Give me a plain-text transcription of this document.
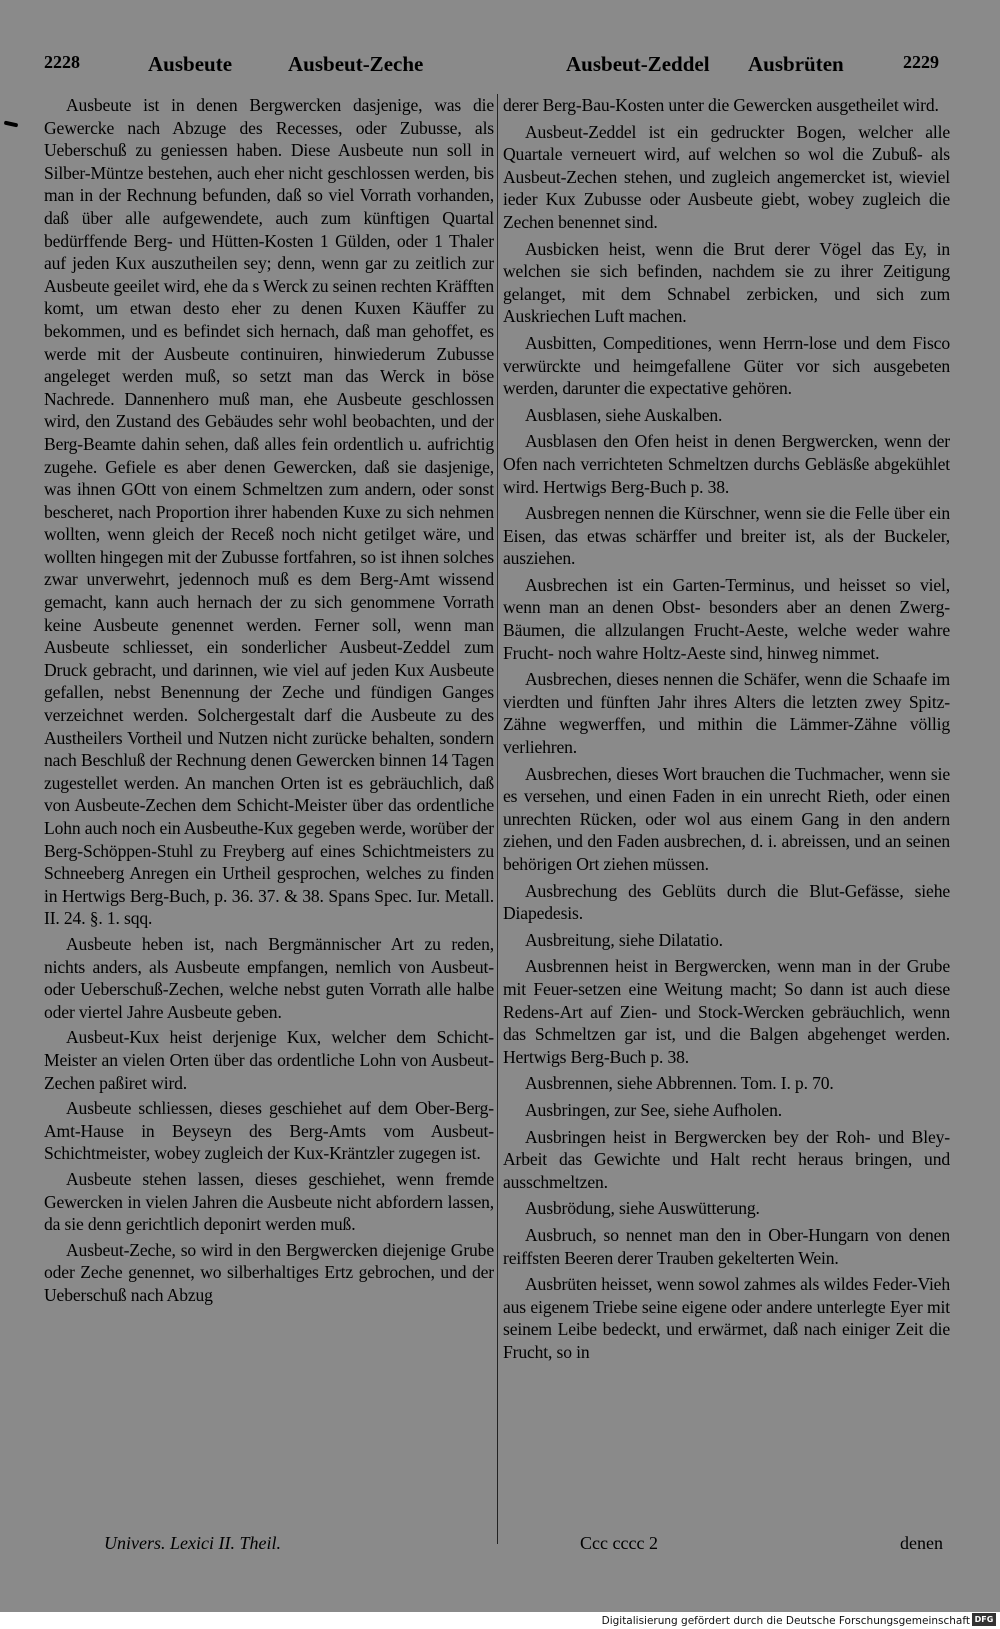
2228	Ausbeute	Ausbeut-Zeche	Ausbeut-Zeddel Ausbrüten	2229

Ausbeute ist in denen Bergwercken dasjenige, was die Gewercke nach Abzuge des Recesses, oder Zubusse, als Ueberschuß zu geniessen haben. Diese Ausbeute nun soll in Silber-Müntze bestehen, auch eher nicht geschlossen werden, bis man in der Rechnung befunden, daß so viel Vorrath vorhanden, daß über alle aufgewendete, auch zum künftigen Quartal bedürffende Berg- und Hütten-Kosten 1 Gülden, oder 1 Thaler auf jeden Kux auszutheilen sey; denn, wenn gar zu zeitlich zur Ausbeute geeilet wird, ehe da s Werck zu seinen rechten Kräfften komt, um etwan desto eher zu denen Kuxen Käuffer zu bekommen, und es befindet sich hernach, daß man gehoffet, es werde mit der Ausbeute continuiren, hinwiederum Zubusse angeleget werden muß, so setzt man das Werck in böse Nachrede. Dannenhero muß man, ehe Ausbeute geschlossen wird, den Zustand des Gebäudes sehr wohl beobachten, und der Berg-Beamte dahin sehen, daß alles fein ordentlich u. aufrichtig zugehe. Gefiele es aber denen Gewercken, daß sie dasjenige, was ihnen GOtt von einem Schmeltzen zum andern, oder sonst bescheret, nach Proportion ihrer habenden Kuxe zu sich nehmen wollten, wenn gleich der Receß noch nicht getilget wäre, und wollten hingegen mit der Zubusse fortfahren, so ist ihnen solches zwar unverwehrt, jedennoch muß es dem Berg-Amt wissend gemacht, kann auch hernach der zu sich genommene Vorrath keine Ausbeute genennet werden. Ferner soll, wenn man Ausbeute schliesset, ein sonderlicher Ausbeut-Zeddel zum Druck gebracht, und darinnen, wie viel auf jeden Kux Ausbeute gefallen, nebst Benennung der Zeche und fündigen Ganges verzeichnet werden. Solchergestalt darf die Ausbeute zu des Austheilers Vortheil und Nutzen nicht zurücke behalten, sondern nach Beschluß der Rechnung denen Gewercken binnen 14 Tagen zugestellet werden. An manchen Orten ist es gebräuchlich, daß von Ausbeute-Zechen dem Schicht-Meister über das ordentliche Lohn auch noch ein Ausbeuthe-Kux gegeben werde, worüber der Berg-Schöppen-Stuhl zu Freyberg auf eines Schichtmeisters zu Schneeberg Anregen ein Urtheil gesprochen, welches zu finden in Hertwigs Berg-Buch, p. 36. 37. & 38. Spans Spec. Iur. Metall. II. 24. §. 1. sqq.

Ausbeute heben ist, nach Bergmännischer Art zu reden, nichts anders, als Ausbeute empfangen, nemlich von Ausbeut- oder Ueberschuß-Zechen, welche nebst guten Vorrath alle halbe oder viertel Jahre Ausbeute geben.

Ausbeut-Kux heist derjenige Kux, welcher dem Schicht-Meister an vielen Orten über das ordentliche Lohn von Ausbeut-Zechen paßiret wird.

Ausbeute schliessen, dieses geschiehet auf dem Ober-Berg-Amt-Hause in Beyseyn des Berg-Amts vom Ausbeut-Schichtmeister, wobey zugleich der Kux-Kräntzler zugegen ist.

Ausbeute stehen lassen, dieses geschiehet, wenn fremde Gewercken in vielen Jahren die Ausbeute nicht abfordern lassen, da sie denn gerichtlich deponirt werden muß.

Ausbeut-Zeche, so wird in den Bergwercken diejenige Grube oder Zeche genennet, wo silberhaltiges Ertz gebrochen, und der Ueberschuß nach Abzug

derer Berg-Bau-Kosten unter die Gewercken ausgetheilet wird.

Ausbeut-Zeddel ist ein gedruckter Bogen, welcher alle Quartale verneuert wird, auf welchen so wol die Zubuß- als Ausbeut-Zechen stehen, und zugleich angemercket ist, wieviel ieder Kux Zubusse oder Ausbeute giebt, wobey zugleich die Zechen benennet sind.

Ausbicken heist, wenn die Brut derer Vögel das Ey, in welchen sie sich befinden, nachdem sie zu ihrer Zeitigung gelanget, mit dem Schnabel zerbicken, und sich zum Auskriechen Luft machen.

Ausbitten, Compeditiones, wenn Herrn-lose und dem Fisco verwürckte und heimgefallene Güter vor sich ausgebeten werden, darunter die expectative gehören.

Ausblasen, siehe Auskalben.

Ausblasen den Ofen heist in denen Bergwercken, wenn der Ofen nach verrichteten Schmeltzen durchs Gebläsße abgekühlet wird. Hertwigs Berg-Buch p. 38.

Ausbregen nennen die Kürschner, wenn sie die Felle über ein Eisen, das etwas schärffer und breiter ist, als der Buckeler, ausziehen.

Ausbrechen ist ein Garten-Terminus, und heisset so viel, wenn man an denen Obst- besonders aber an denen Zwerg-Bäumen, die allzulangen Frucht-Aeste, welche weder wahre Frucht- noch wahre Holtz-Aeste sind, hinweg nimmet.

Ausbrechen, dieses nennen die Schäfer, wenn die Schaafe im vierdten und fünften Jahr ihres Alters die letzten zwey Spitz-Zähne wegwerffen, und mithin die Lämmer-Zähne völlig verliehren.

Ausbrechen, dieses Wort brauchen die Tuchmacher, wenn sie es versehen, und einen Faden in ein unrecht Rieth, oder einen unrechten Rücken, oder wol aus einem Gang in den andern ziehen, und den Faden ausbrechen, d. i. abreissen, und an seinen behörigen Ort ziehen müssen.

Ausbrechung des Geblüts durch die Blut-Gefässe, siehe Diapedesis.

Ausbreitung, siehe Dilatatio.

Ausbrennen heist in Bergwercken, wenn man in der Grube mit Feuer-setzen eine Weitung macht; So dann ist auch diese Redens-Art auf Zien- und Stock-Wercken gebräuchlich, wenn das Schmeltzen gar ist, und die Balgen abgehenget werden. Hertwigs Berg-Buch p. 38.

Ausbrennen, siehe Abbrennen. Tom. I. p. 70.

Ausbringen, zur See, siehe Aufholen.

Ausbringen heist in Bergwercken bey der Roh- und Bley-Arbeit das Gewichte und Halt recht heraus bringen, und ausschmeltzen.

Ausbrödung, siehe Auswütterung.

Ausbruch, so nennet man den in Ober-Hungarn von denen reiffsten Beeren derer Trauben gekelterten Wein.

Ausbrüten heisset, wenn sowol zahmes als wildes Feder-Vieh aus eigenem Triebe seine eigene oder andere unterlegte Eyer mit seinem Leibe bedeckt, und erwärmet, daß nach einiger Zeit die Frucht, so in

Univers. Lexici II. Theil.	Ccc cccc 2	denen
Digitalisierung gefördert durch die Deutsche Forschungsgemeinschaft DFG
